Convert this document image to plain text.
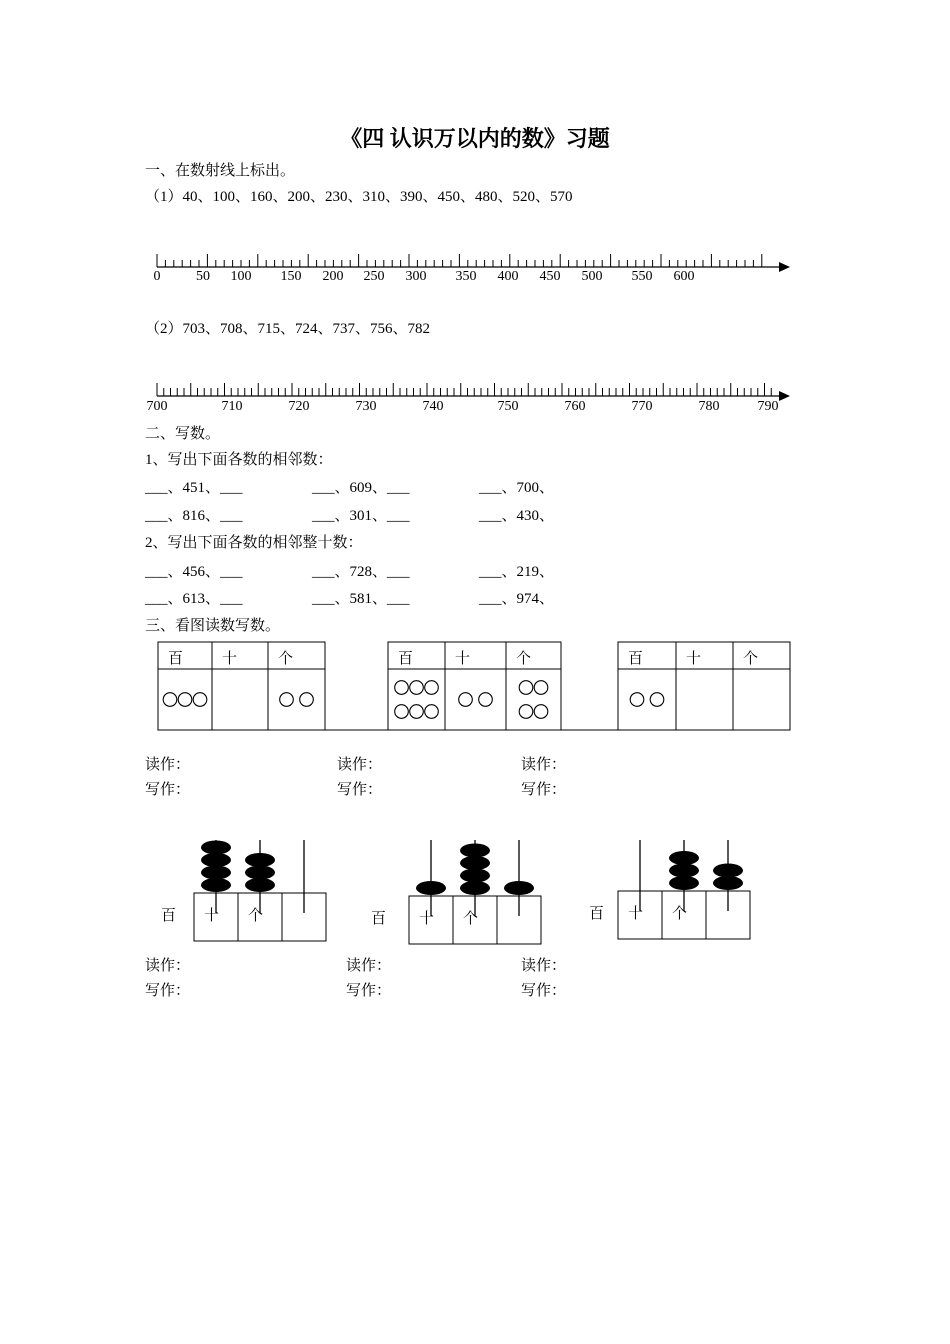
《四 认识万以内的数》习题
一、在数射线上标出。
（1）40、100、160、200、230、310、390、450、480、520、570
0	50 100 150 200 250 300 350 400 450 500 550 600
（2）703、708、715、724、737、756、782
700	710	720	730	740	750	760	770	780	790
二、写数。
1、写出下面各数的相邻数：
___、451、___	___、609、___	___、700、
___、816、___	___、301、___	___、430、
2、写出下面各数的相邻整十数：
___、456、___	___、728、___	___、219、
___、613、___	___、581、___	___、974、
三、看图读数写数。
百	十	个	百	十	个	百	十	个
读作：	读作：	读作：
写作：	写作：	写作：
百 十 个	百 十 个	百 十 个
读作：	读作：	读作：
写作：	写作：	写作：
